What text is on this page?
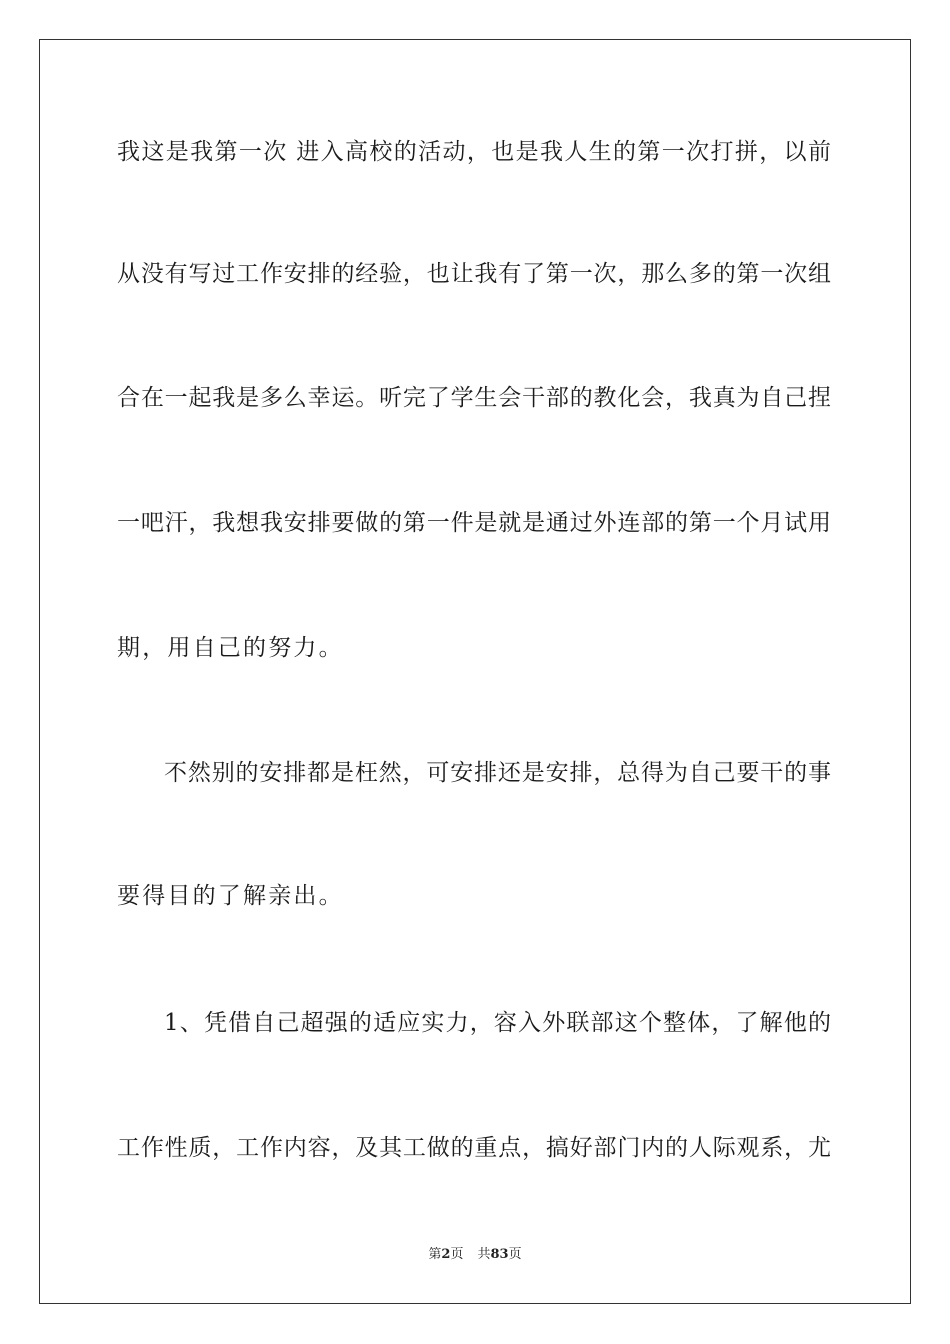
我这是我第一次 进入高校的活动，也是我人生的第一次打拼，以前
从没有写过工作安排的经验，也让我有了第一次，那么多的第一次组
合在一起我是多么幸运。听完了学生会干部的教化会，我真为自己捏
一吧汗，我想我安排要做的第一件是就是通过外连部的第一个月试用
期，用自己的努力。
不然别的安排都是枉然，可安排还是安排，总得为自己要干的事
要得目的了解亲出。
1、凭借自己超强的适应实力，容入外联部这个整体，了解他的
工作性质，工作内容，及其工做的重点，搞好部门内的人际观系，尤
第2页 共83页
